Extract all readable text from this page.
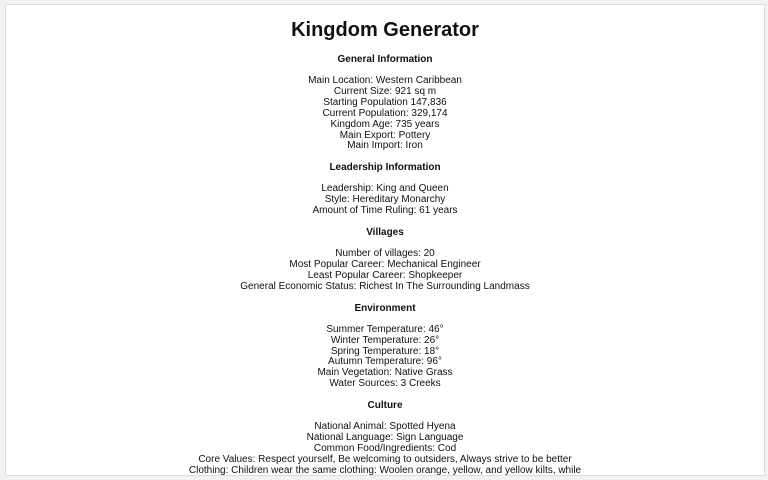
Kingdom Generator
General Information
Main Location: Western Caribbean
Current Size: 921 sq m
Starting Population 147,836
Current Population: 329,174
Kingdom Age: 735 years
Main Export: Pottery
Main Import: Iron
Leadership Information
Leadership: King and Queen
Style: Hereditary Monarchy
Amount of Time Ruling: 61 years
Villages
Number of villages: 20
Most Popular Career: Mechanical Engineer
Least Popular Career: Shopkeeper
General Economic Status: Richest In The Surrounding Landmass
Environment
Summer Temperature: 46°
Winter Temperature: 26°
Spring Temperature: 18°
Autumn Temperature: 96°
Main Vegetation: Native Grass
Water Sources: 3 Creeks
Culture
National Animal: Spotted Hyena
National Language: Sign Language
Common Food/Ingredients: Cod
Core Values: Respect yourself, Be welcoming to outsiders, Always strive to be better
Clothing: Children wear the same clothing: Woolen orange, yellow, and yellow kilts, while
